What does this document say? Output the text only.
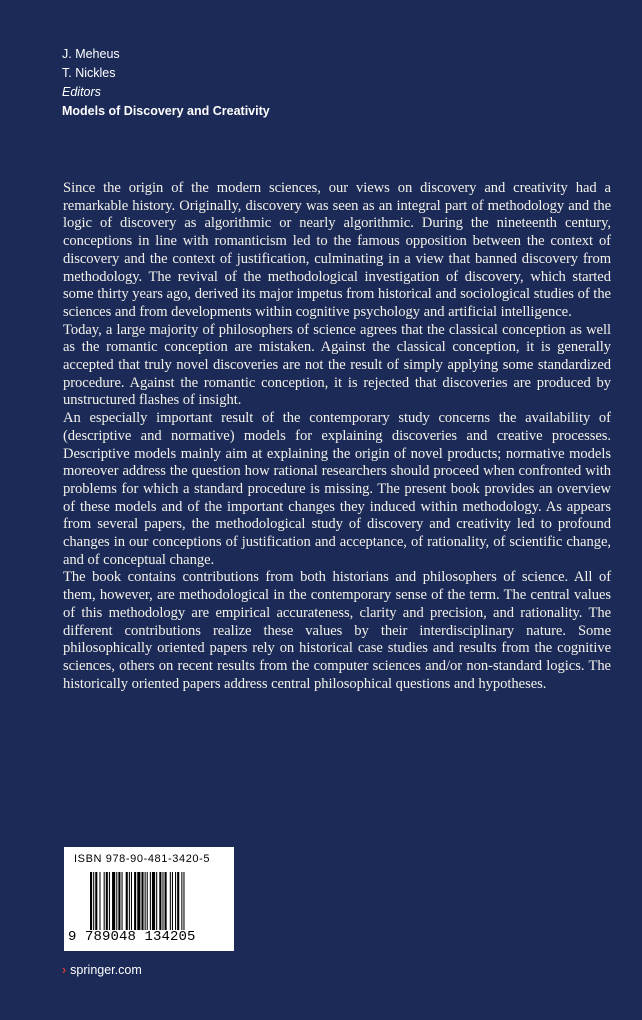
J. Meheus
T. Nickles
Editors
Models of Discovery and Creativity

Since the origin of the modern sciences, our views on discovery and creativity had a remarkable history. Originally, discovery was seen as an integral part of methodology and the logic of discovery as algorithmic or nearly algorithmic. During the nineteenth century, conceptions in line with romanticism led to the famous opposition between the context of discovery and the context of justification, culminating in a view that banned discovery from methodology. The revival of the methodological investigation of discovery, which started some thirty years ago, derived its major impetus from historical and sociological studies of the sciences and from developments within cognitive psychology and artificial intelligence.

Today, a large majority of philosophers of science agrees that the classical conception as well as the romantic conception are mistaken. Against the classical conception, it is generally accepted that truly novel discoveries are not the result of simply applying some standardized procedure. Against the romantic conception, it is rejected that discoveries are produced by unstructured flashes of insight.

An especially important result of the contemporary study concerns the availability of (descriptive and normative) models for explaining discoveries and creative processes. Descriptive models mainly aim at explaining the origin of novel products; normative models moreover address the question how rational researchers should proceed when confronted with problems for which a standard procedure is missing. The present book provides an overview of these models and of the important changes they induced within methodology. As appears from several papers, the methodological study of discovery and creativity led to profound changes in our conceptions of justification and acceptance, of rationality, of scientific change, and of conceptual change.

The book contains contributions from both historians and philosophers of science. All of them, however, are methodological in the contemporary sense of the term. The central values of this methodology are empirical accurateness, clarity and precision, and rationality. The different contributions realize these values by their interdisciplinary nature. Some philosophically oriented papers rely on historical case studies and results from the cognitive sciences, others on recent results from the computer sciences and/or non-standard logics. The historically oriented papers address central philosophical questions and hypotheses.

ISBN 978-90-481-3420-5
9 789048 134205
› springer.com
